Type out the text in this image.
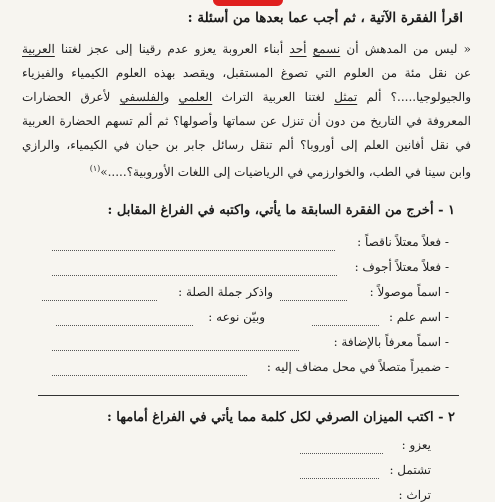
اقرأ الفقرة الآتية ، ثم أجب عما بعدها من أسئلة :
« ليس من المدهش أن نسمع أحد أبناء العروبة يعزو عدم رقينا إلى عجز لغتنا العربية
عن نقل مئة من العلوم التي تصوغ المستقبل، ويقصد بهذه العلوم الكيمياء والفيزياء
والجيولوجيا.....؟ ألم تمثل لغتنا العربية التراث العلمي والفلسفي لأعرق الحضارات
المعروفة في التاريخ من دون أن تنزل عن سماتها وأصولها؟ ثم ألم تسهم الحضارة العربية
في نقل أفانين العلم إلى أوروبا؟ ألم تنقل رسائل جابر بن حيان في الكيمياء، والرازي
وابن سينا في الطب، والخوارزمي في الرياضيات إلى اللغات الأوروبية؟.....»$^{(١)}$
١ - أخرج من الفقرة السابقة ما يأتي، واكتبه في الفراغ المقابل :
- فعلاً معتلاً ناقصاً :
- فعلاً معتلاً أجوف :
- اسماً موصولاً :
واذكر جملة الصلة :
- اسم علم :
وبيّن نوعه :
- اسماً معرفاً بالإضافة :
- ضميراً متصلاً في محل مضاف إليه :
٢ - اكتب الميزان الصرفي لكل كلمة مما يأتي في الفراغ أمامها :
يعزو :
تشتمل :
تراث :
